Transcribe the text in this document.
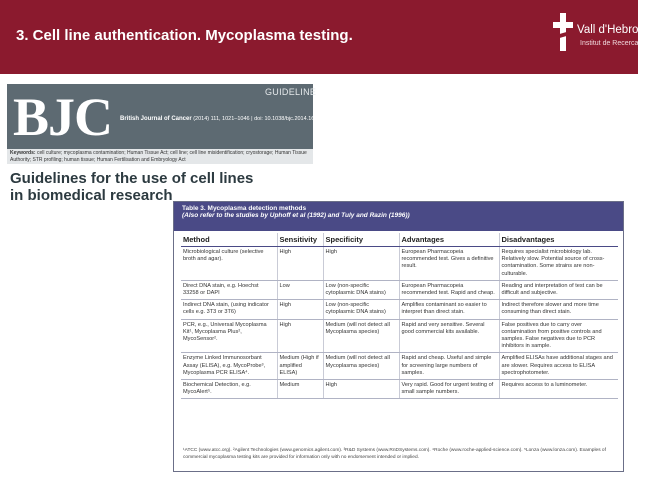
3. Cell line authentication. Mycoplasma testing.	Vall d'Hebron
Institut de Recerca
BJC	GUIDELINE
British Journal of Cancer (2014) 111, 1021–1046 | doi: 10.1038/bjc.2014.166
Keywords: cell culture; mycoplasma contamination; Human Tissue Act; cell line; cell line misidentification; cryostorage; Human Tissue Authority; STR profiling; human tissue; Human Fertilisation and Embryology Act
Guidelines for the use of cell lines
in biomedical research
Table 3. Mycoplasma detection methods
(Also refer to the studies by Uphoff et al (1992) and Tuly and Razin (1996))
Method	Sensitivity	Specificity	Advantages	Disadvantages
Microbiological culture (selective broth and agar).	High	High	European Pharmacopeia recommended test. Gives a definitive result.	Requires specialist microbiology lab. Relatively slow. Potential source of cross-contamination. Some strains are non-culturable.
Direct DNA stain, e.g. Hoechst 33258 or DAPI	Low	Low (non-specific cytoplasmic DNA stains)	European Pharmacopeia recommended test. Rapid and cheap.	Reading and interpretation of test can be difficult and subjective.
Indirect DNA stain, (using indicator cells e.g. 3T3 or 3T6)	High	Low (non-specific cytoplasmic DNA stains)	Amplifies contaminant so easier to interpret than direct stain.	Indirect therefore slower and more time consuming than direct stain.
PCR, e.g., Universal Mycoplasma Kit¹, Mycoplasma Plus², MycoSensor².	High	Medium (will not detect all Mycoplasma species)	Rapid and very sensitive. Several good commercial kits available.	False positives due to carry over contamination from positive controls and samples. False negatives due to PCR inhibitors in sample.
Enzyme Linked Immunosorbant Assay (ELISA), e.g. MycoProbe³, Mycoplasma PCR ELISA⁴.	Medium (High if amplified ELISA)	Medium (will not detect all Mycoplasma species)	Rapid and cheap. Useful and simple for screening large numbers of samples.	Amplified ELISAs have additional stages and are slower. Requires access to ELISA spectrophotometer.
Biochemical Detection, e.g. MycoAlert⁵.	Medium	High	Very rapid. Good for urgent testing of small sample numbers.	Requires access to a luminometer.
¹ATCC (www.atcc.org). ²Agilent Technologies (www.genomics.agilent.com). ³R&D Systems (www.RnDSystems.com). ⁴Roche (www.roche-applied-science.com). ⁵Lonza (www.lonza.com). Examples of commercial mycoplasma testing kits are provided for information only with no endorsement intended or implied.
